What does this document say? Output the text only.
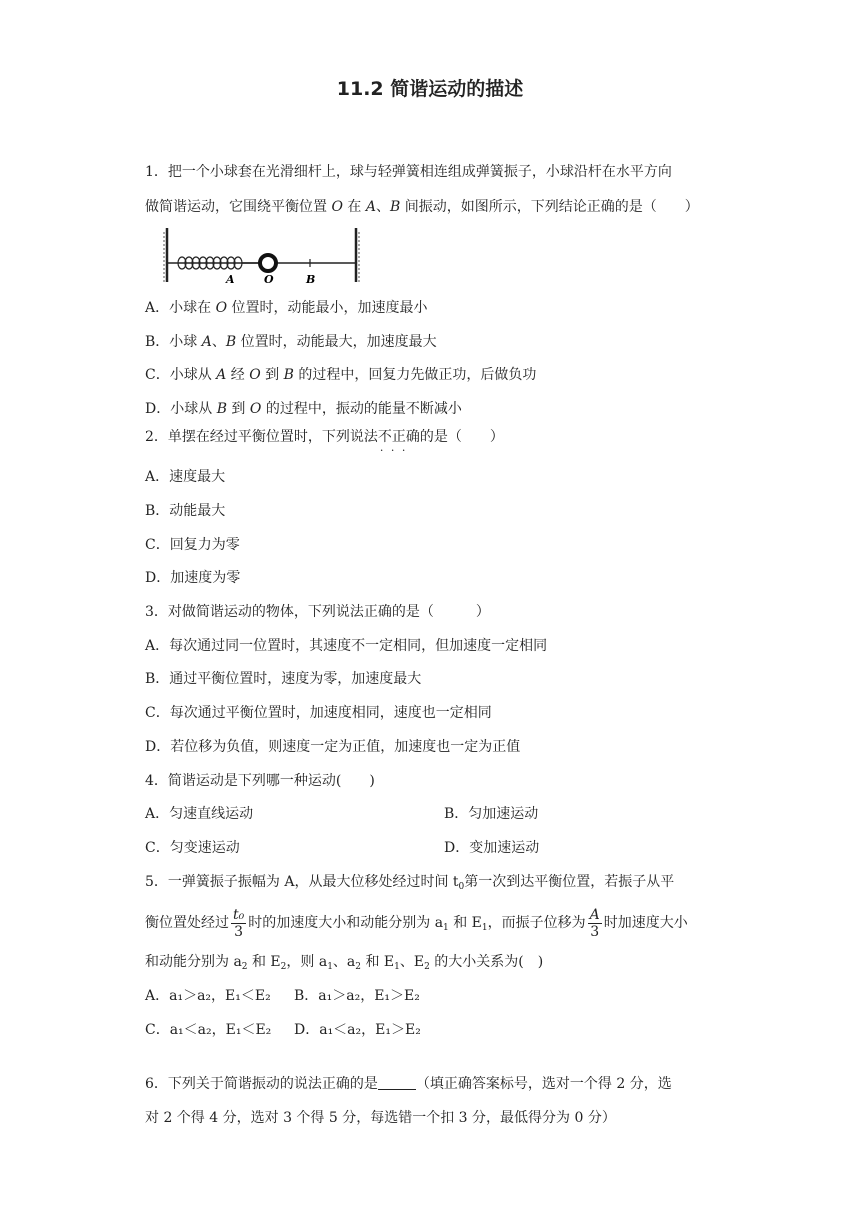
11.2 简谐运动的描述
1．把一个小球套在光滑细杆上，球与轻弹簧相连组成弹簧振子，小球沿杆在水平方向
做简谐运动，它围绕平衡位置 O 在 A、B 间振动，如图所示，下列结论正确的是（　　）
A	O	B
A．小球在 O 位置时，动能最小，加速度最小
B．小球 A、B 位置时，动能最大，加速度最大
C．小球从 A 经 O 到 B 的过程中，回复力先做正功，后做负功
D．小球从 B 到 O 的过程中，振动的能量不断减小
2．单摆在经过平衡位置时，下列说法不正确 . . .的是（　　）
A．速度最大
B．动能最大
C．回复力为零
D．加速度为零
3．对做简谐运动的物体，下列说法正确的是（　　　）
A．每次通过同一位置时，其速度不一定相同，但加速度一定相同
B．通过平衡位置时，速度为零，加速度最大
C．每次通过平衡位置时，加速度相同，速度也一定相同
D．若位移为负值，则速度一定为正值，加速度也一定为正值
4．简谐运动是下列哪一种运动(　　)
A．匀速直线运动	B．匀加速运动
C．匀变速运动	D．变加速运动
5．一弹簧振子振幅为 A，从最大位移处经过时间 $t_0$第一次到达平衡位置，若振子从平
衡位置处经过 $\frac{\text{t₀}}{3}$ 时的加速度大小和动能分别为 $a_1$ 和 $E_1$，而振子位移为 $\frac{A}{3}$ 时加速度大小
和动能分别为 $a_2$ 和 $E_2$，则 $a_1$、$a_2$ 和 $E_1$、$E_2$ 的大小关系为(　)
A．a₁＞a₂，E₁＜E₂ B．a₁＞a₂，E₁＞E₂
C．a₁＜a₂，E₁＜E₂ D．a₁＜a₂，E₁＞E₂
6．下列关于简谐振动的说法正确的是	（填正确答案标号，选对一个得 2 分，选
对 2 个得 4 分，选对 3 个得 5 分，每选错一个扣 3 分，最低得分为 0 分）
